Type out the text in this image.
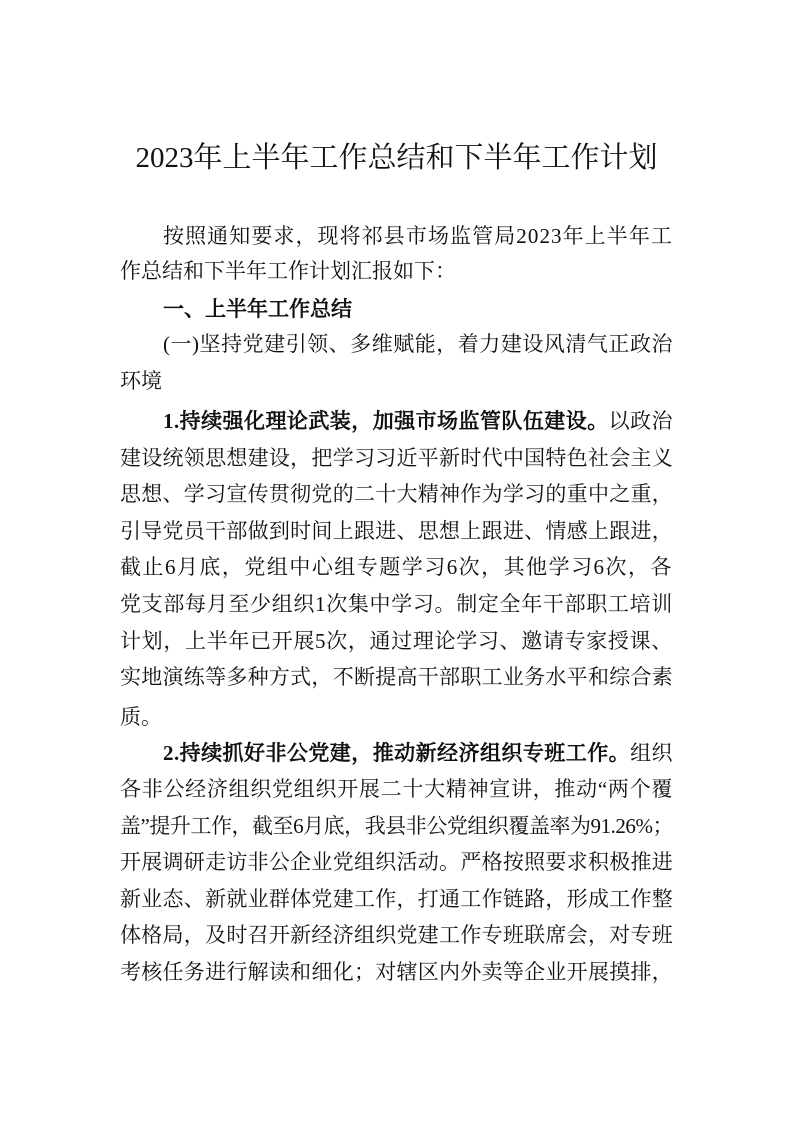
2023年上半年工作总结和下半年工作计划
按照通知要求，现将祁县市场监管局2023年上半年工
作总结和下半年工作计划汇报如下：
一、上半年工作总结
(一)坚持党建引领、多维赋能，着力建设风清气正政治
环境
1.持续强化理论武装，加强市场监管队伍建设。以政治
建设统领思想建设，把学习习近平新时代中国特色社会主义
思想、学习宣传贯彻党的二十大精神作为学习的重中之重，
引导党员干部做到时间上跟进、思想上跟进、情感上跟进，
截止6月底，党组中心组专题学习6次，其他学习6次，各
党支部每月至少组织1次集中学习。制定全年干部职工培训
计划，上半年已开展5次，通过理论学习、邀请专家授课、
实地演练等多种方式，不断提高干部职工业务水平和综合素
质。
2.持续抓好非公党建，推动新经济组织专班工作。组织
各非公经济组织党组织开展二十大精神宣讲，推动“两个覆
盖”提升工作，截至6月底，我县非公党组织覆盖率为91.26%；
开展调研走访非公企业党组织活动。严格按照要求积极推进
新业态、新就业群体党建工作，打通工作链路，形成工作整
体格局，及时召开新经济组织党建工作专班联席会，对专班
考核任务进行解读和细化；对辖区内外卖等企业开展摸排，
